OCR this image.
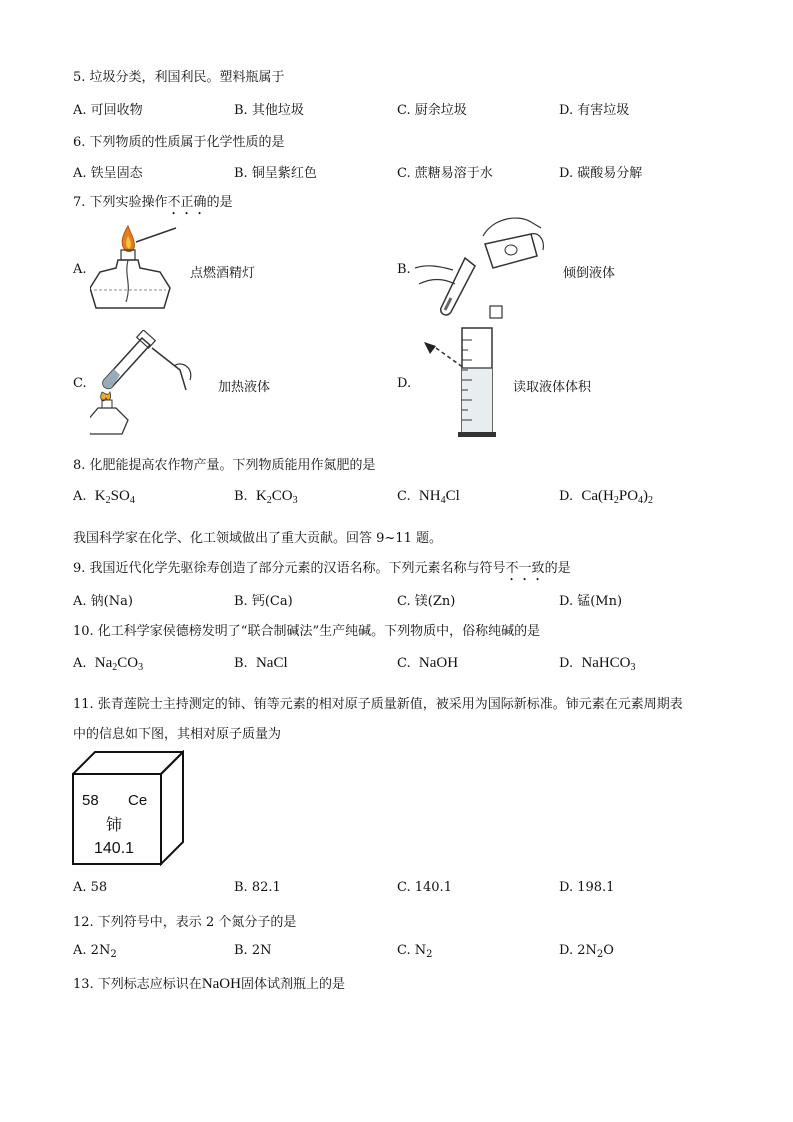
5. 垃圾分类，利国利民。塑料瓶属于
A. 可回收物	B. 其他垃圾	C. 厨余垃圾	D. 有害垃圾
6. 下列物质的性质属于化学性质的是
A. 铁呈固态	B. 铜呈紫红色	C. 蔗糖易溶于水	D. 碳酸易分解
7. 下列实验操作不正确的是
A.	点燃酒精灯	B.	倾倒液体
C.	加热液体	D.	读取液体体积
8. 化肥能提高农作物产量。下列物质能用作氮肥的是
A. $K_2SO_4$	B. $K_2CO_3$	C. $NH_4Cl$	D. $Ca(H_2PO_4)_2$
我国科学家在化学、化工领域做出了重大贡献。回答 9~11 题。
9. 我国近代化学先驱徐寿创造了部分元素的汉语名称。下列元素名称与符号不一致的是
A. 钠(Na)	B. 钙(Ca)	C. 镁(Zn)	D. 锰(Mn)
10. 化工科学家侯德榜发明了“联合制碱法”生产纯碱。下列物质中，俗称纯碱的是
A. $Na_2CO_3$	B. NaCl	C. NaOH	D. NaHCO$_3$
11. 张青莲院士主持测定的铈、铕等元素的相对原子质量新值，被采用为国际新标准。铈元素在元素周期表
中的信息如下图，其相对原子质量为
58 Ce
铈
140.1
A. 58	B. 82.1	C. 140.1	D. 198.1
12. 下列符号中，表示 2 个氮分子的是
A. $2N_2$	B. 2N	C. $N_2$	D. $2N_2O$
13. 下列标志应标识在NaOH固体试剂瓶上的是
